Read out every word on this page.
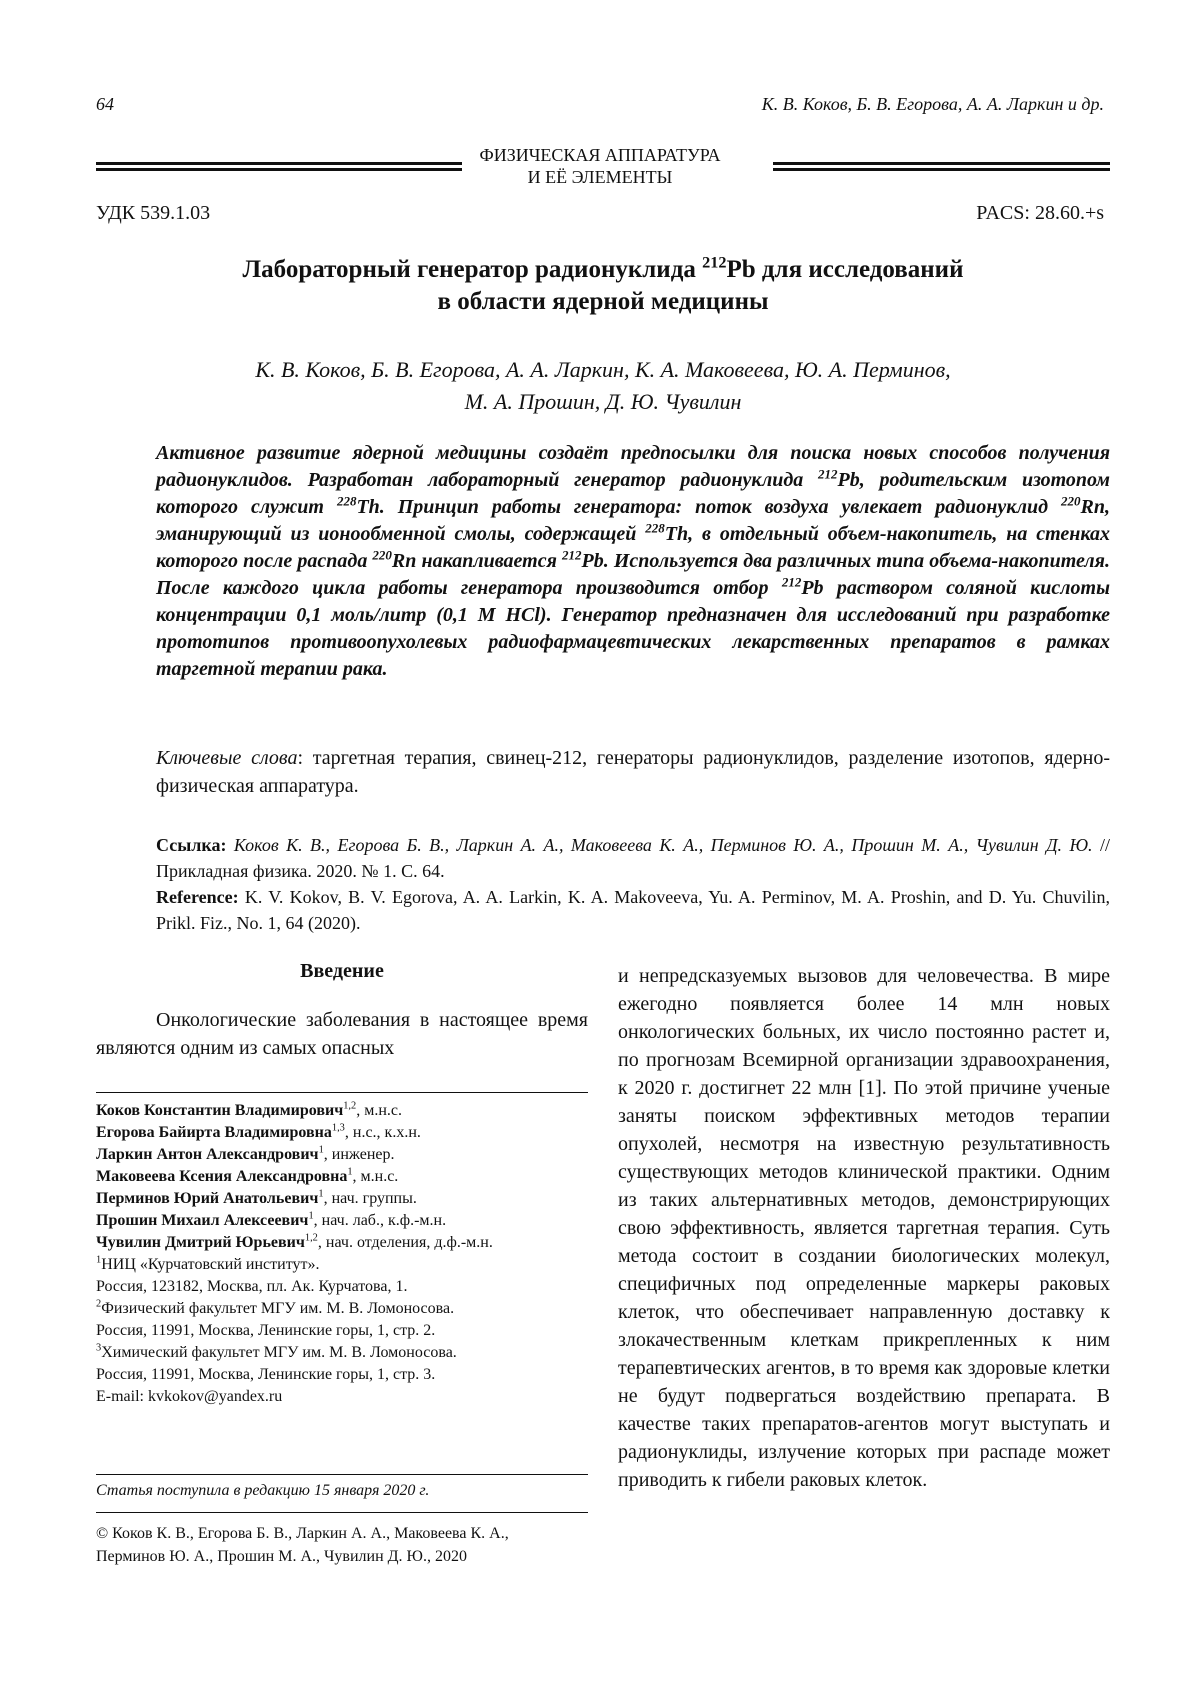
64	К. В. Коков, Б. В. Егорова, А. А. Ларкин и др.
ФИЗИЧЕСКАЯ АППАРАТУРА
И ЕЁ ЭЛЕМЕНТЫ
УДК 539.1.03	PACS: 28.60.+s
Лабораторный генератор радионуклида $^{212}$Pb для исследований
в области ядерной медицины
К. В. Коков, Б. В. Егорова, А. А. Ларкин, К. А. Маковеева, Ю. А. Перминов,
М. А. Прошин, Д. Ю. Чувилин
Активное развитие ядерной медицины создаёт предпосылки для поиска новых способов получения радионуклидов. Разработан лабораторный генератор радионуклида $^{212}$Pb, родительским изотопом которого служит $^{228}$Th. Принцип работы генератора: поток воздуха увлекает радионуклид $^{220}$Rn, эманирующий из ионообменной смолы, содержащей $^{228}$Th, в отдельный объем-накопитель, на стенках которого после распада $^{220}$Rn накапливается $^{212}$Pb. Используется два различных типа объема-накопителя. После каждого цикла работы генератора производится отбор $^{212}$Pb раствором соляной кислоты концентрации 0,1 моль/литр (0,1 М HCl). Генератор предназначен для исследований при разработке прототипов противоопухолевых радиофармацевтических лекарственных препаратов в рамках таргетной терапии рака.
Ключевые слова: таргетная терапия, свинец-212, генераторы радионуклидов, разделение изотопов, ядерно-физическая аппаратура.
Ссылка: Коков К. В., Егорова Б. В., Ларкин А. А., Маковеева К. А., Перминов Ю. А., Прошин М. А., Чувилин Д. Ю. // Прикладная физика. 2020. № 1. С. 64.
Reference: K. V. Kokov, B. V. Egorova, A. A. Larkin, K. A. Makoveeva, Yu. A. Perminov, M. A. Proshin, and D. Yu. Chuvilin, Prikl. Fiz., No. 1, 64 (2020).
Введение
Онкологические заболевания в настоящее время являются одним из самых опасных
Коков Константин Владимирович$^{1,2}$, м.н.с.
Егорова Байирта Владимировна$^{1,3}$, н.с., к.х.н.
Ларкин Антон Александрович$^1$, инженер.
Маковеева Ксения Александровна$^1$, м.н.с.
Перминов Юрий Анатольевич$^1$, нач. группы.
Прошин Михаил Алексеевич$^1$, нач. лаб., к.ф.-м.н.
Чувилин Дмитрий Юрьевич$^{1,2}$, нач. отделения, д.ф.-м.н.
$^1$НИЦ «Курчатовский институт».
Россия, 123182, Москва, пл. Ак. Курчатова, 1.
$^2$Физический факультет МГУ им. М. В. Ломоносова.
Россия, 11991, Москва, Ленинские горы, 1, стр. 2.
$^3$Химический факультет МГУ им. М. В. Ломоносова.
Россия, 11991, Москва, Ленинские горы, 1, стр. 3.
E-mail: kvkokov@yandex.ru
Статья поступила в редакцию 15 января 2020 г.
© Коков К. В., Егорова Б. В., Ларкин А. А., Маковеева К. А., Перминов Ю. А., Прошин М. А., Чувилин Д. Ю., 2020
и непредсказуемых вызовов для человечества. В мире ежегодно появляется более 14 млн новых онкологических больных, их число постоянно растет и, по прогнозам Всемирной организации здравоохранения, к 2020 г. достигнет 22 млн [1]. По этой причине ученые заняты поиском эффективных методов терапии опухолей, несмотря на известную результативность существующих методов клинической практики. Одним из таких альтернативных методов, демонстрирующих свою эффективность, является таргетная терапия. Суть метода состоит в создании биологических молекул, специфичных под определенные маркеры раковых клеток, что обеспечивает направленную доставку к злокачественным клеткам прикрепленных к ним терапевтических агентов, в то время как здоровые клетки не будут подвергаться воздействию препарата. В качестве таких препаратов-агентов могут выступать и радионуклиды, излучение которых при распаде может приводить к гибели раковых клеток.
